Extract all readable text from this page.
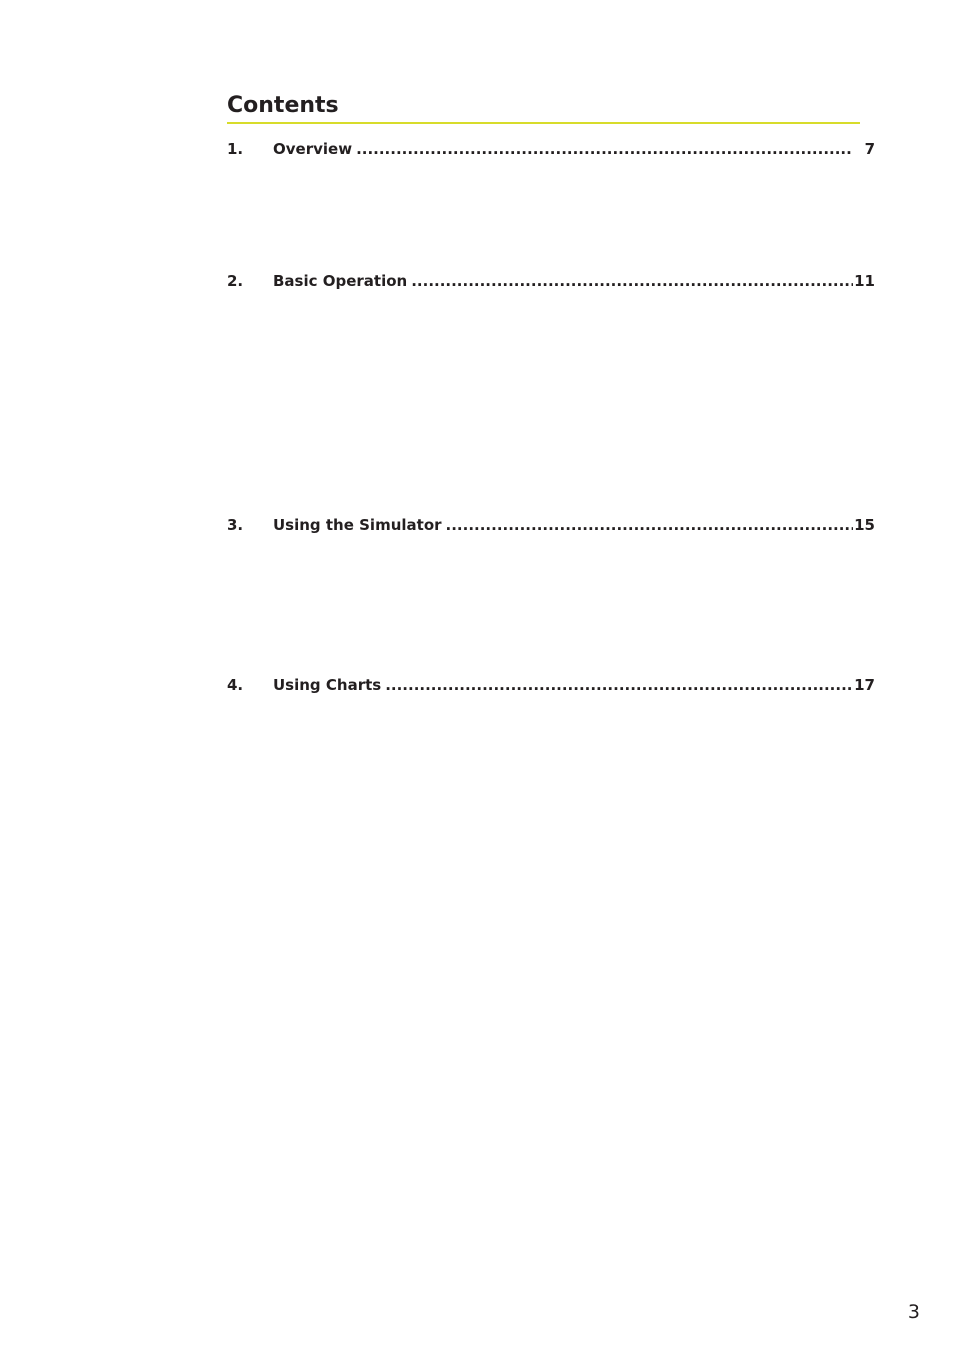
Contents
1. Overview .....	7
2. Basic Operation .....	11
3. Using the Simulator .....	15
4. Using Charts .....	17
3
